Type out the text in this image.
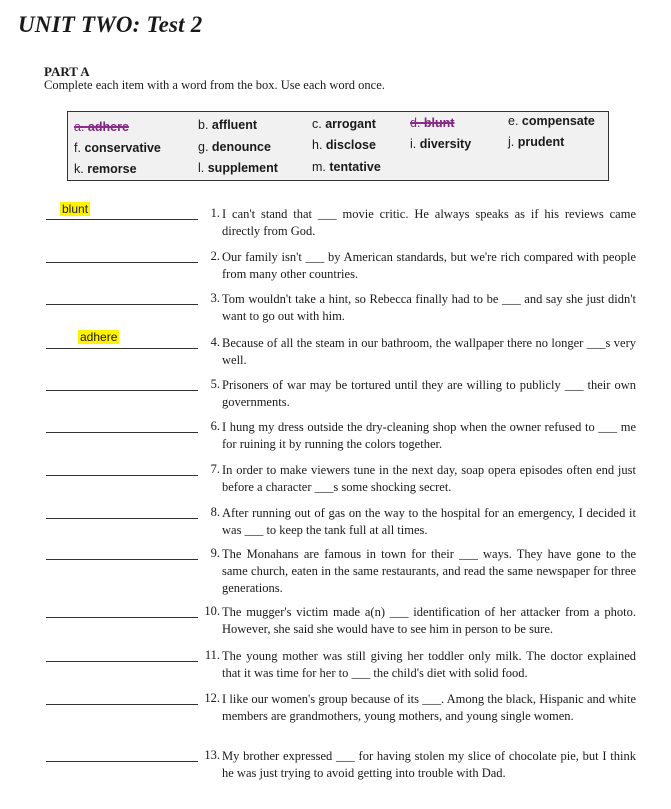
UNIT TWO: Test 2
PART A
Complete each item with a word from the box. Use each word once.
a. adhere	b. affluent	c. arrogant	d. blunt	e. compensate
f. conservative	g. denounce	h. disclose	i. diversity	j. prudent
k. remorse	l. supplement	m. tentative
blunt	1. I can't stand that ___ movie critic. He always speaks as if his reviews came directly from God.
2. Our family isn't ___ by American standards, but we're rich compared with people from many other countries.
3. Tom wouldn't take a hint, so Rebecca finally had to be ___ and say she just didn't want to go out with him.
adhere	4. Because of all the steam in our bathroom, the wallpaper there no longer ___s very well.
5. Prisoners of war may be tortured until they are willing to publicly ___ their own governments.
6. I hung my dress outside the dry-cleaning shop when the owner refused to ___ me for ruining it by running the colors together.
7. In order to make viewers tune in the next day, soap opera episodes often end just before a character ___s some shocking secret.
8. After running out of gas on the way to the hospital for an emergency, I decided it was ___ to keep the tank full at all times.
9. The Monahans are famous in town for their ___ ways. They have gone to the same church, eaten in the same restaurants, and read the same newspaper for three generations.
10. The mugger's victim made a(n) ___ identification of her attacker from a photo. However, she said she would have to see him in person to be sure.
11. The young mother was still giving her toddler only milk. The doctor explained that it was time for her to ___ the child's diet with solid food.
12. I like our women's group because of its ___. Among the black, Hispanic and white members are grandmothers, young mothers, and young single women.
13. My brother expressed ___ for having stolen my slice of chocolate pie, but I think he was just trying to avoid getting into trouble with Dad.
